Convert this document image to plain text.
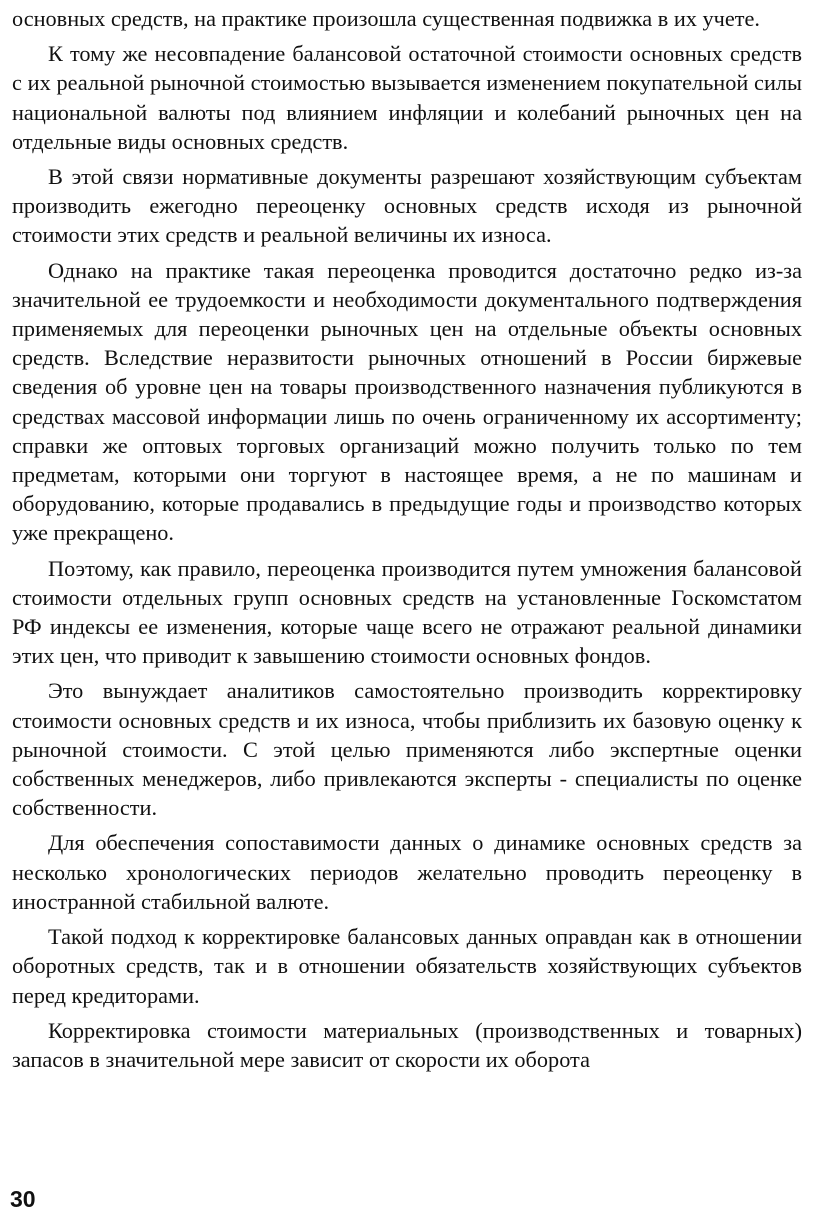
основных средств, на практике произошла существенная подвижка в их учете.

К тому же несовпадение балансовой остаточной стоимости основных средств с их реальной рыночной стоимостью вызывается изменением покупательной силы национальной валюты под влиянием инфляции и колебаний рыночных цен на отдельные виды основных средств.

В этой связи нормативные документы разрешают хозяйствующим субъектам производить ежегодно переоценку основных средств исходя из рыночной стоимости этих средств и реальной величины их износа.

Однако на практике такая переоценка проводится достаточно редко из-за значительной ее трудоемкости и необходимости документального подтверждения применяемых для переоценки рыночных цен на отдельные объекты основных средств. Вследствие неразвитости рыночных отношений в России биржевые сведения об уровне цен на товары производственного назначения публикуются в средствах массовой информации лишь по очень ограниченному их ассортименту; справки же оптовых торговых организаций можно получить только по тем предметам, которыми они торгуют в настоящее время, а не по машинам и оборудованию, которые продавались в предыдущие годы и производство которых уже прекращено.

Поэтому, как правило, переоценка производится путем умножения балансовой стоимости отдельных групп основных средств на установленные Госкомстатом РФ индексы ее изменения, которые чаще всего не отражают реальной динамики этих цен, что приводит к завышению стоимости основных фондов.

Это вынуждает аналитиков самостоятельно производить корректировку стоимости основных средств и их износа, чтобы приблизить их базовую оценку к рыночной стоимости. С этой целью применяются либо экспертные оценки собственных менеджеров, либо привлекаются эксперты - специалисты по оценке собственности.

Для обеспечения сопоставимости данных о динамике основных средств за несколько хронологических периодов желательно проводить переоценку в иностранной стабильной валюте.

Такой подход к корректировке балансовых данных оправдан как в отношении оборотных средств, так и в отношении обязательств хозяйствующих субъектов перед кредиторами.

Корректировка стоимости материальных (производственных и товарных) запасов в значительной мере зависит от скорости их оборота

30
